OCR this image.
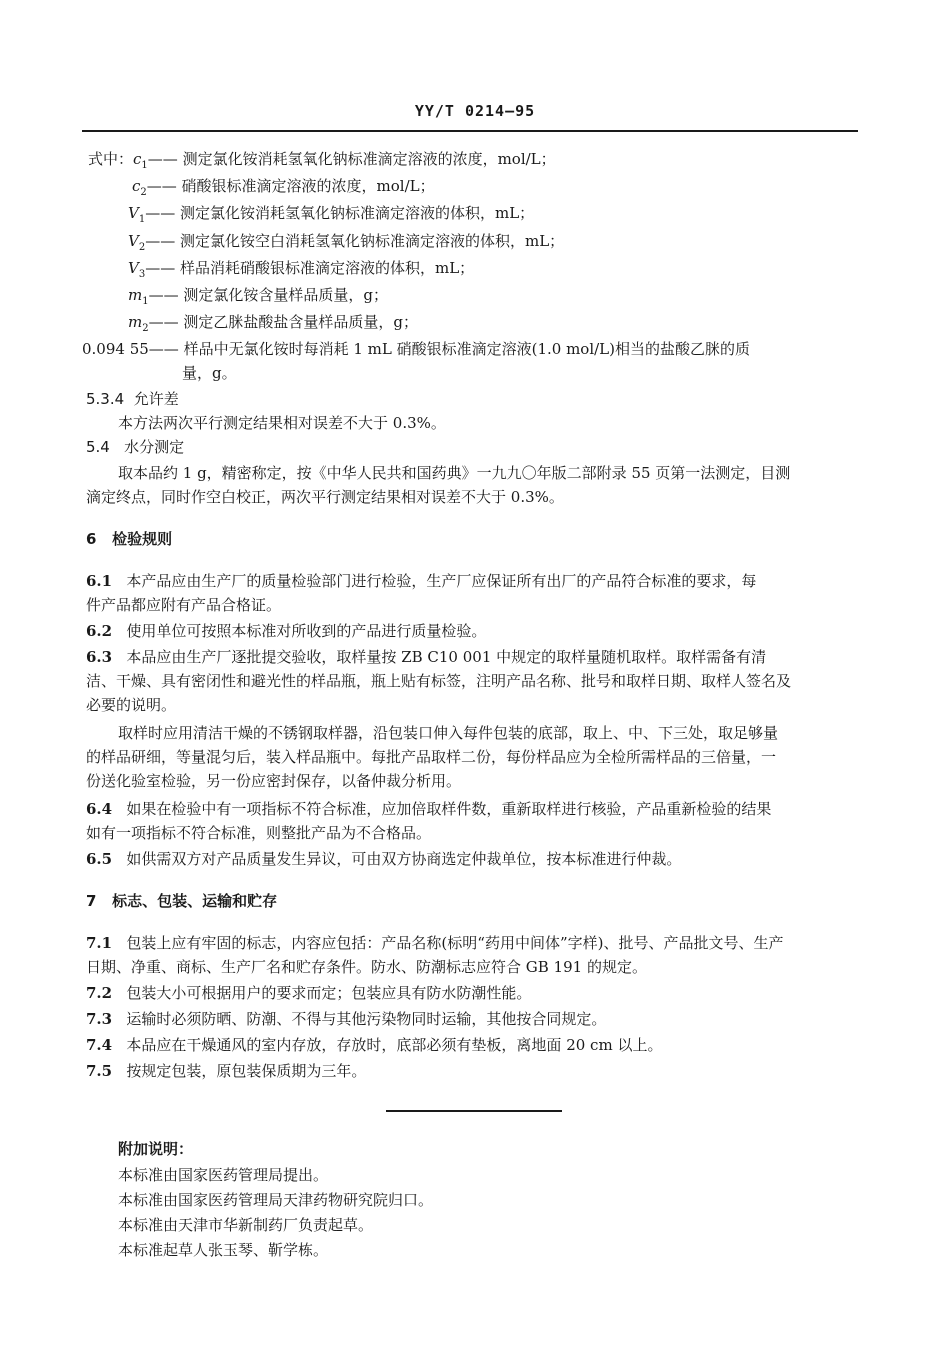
YY/T 0214—95
式中：$c_1——$ 测定氯化铵消耗氢氧化钠标准滴定溶液的浓度，mol/L；
$c_2——$ 硝酸银标准滴定溶液的浓度，mol/L；
$V_1——$ 测定氯化铵消耗氢氧化钠标准滴定溶液的体积，mL；
$V_2——$ 测定氯化铵空白消耗氢氧化钠标准滴定溶液的体积，mL；
$V_3——$ 样品消耗硝酸银标准滴定溶液的体积，mL；
$m_1——$ 测定氯化铵含量样品质量，g；
$m_2——$ 测定乙脒盐酸盐含量样品质量，g；
0.094 55—— 样品中无氯化铵时每消耗 1 mL 硝酸银标准滴定溶液(1.0 mol/L)相当的盐酸乙脒的质
量，g。
5.3.4 允许差
本方法两次平行测定结果相对误差不大于 0.3%。
5.4 水分测定
取本品约 1 g，精密称定，按《中华人民共和国药典》一九九〇年版二部附录 55 页第一法测定，目测
滴定终点，同时作空白校正，两次平行测定结果相对误差不大于 0.3%。
6 检验规则
6.1 本产品应由生产厂的质量检验部门进行检验，生产厂应保证所有出厂的产品符合标准的要求，每
件产品都应附有产品合格证。
6.2 使用单位可按照本标准对所收到的产品进行质量检验。
6.3 本品应由生产厂逐批提交验收，取样量按 ZB C10 001 中规定的取样量随机取样。取样需备有清
洁、干燥、具有密闭性和避光性的样品瓶，瓶上贴有标签，注明产品名称、批号和取样日期、取样人签名及
必要的说明。
取样时应用清洁干燥的不锈钢取样器，沿包装口伸入每件包装的底部，取上、中、下三处，取足够量
的样品研细，等量混匀后，装入样品瓶中。每批产品取样二份，每份样品应为全检所需样品的三倍量，一
份送化验室检验，另一份应密封保存，以备仲裁分析用。
6.4 如果在检验中有一项指标不符合标准，应加倍取样件数，重新取样进行核验，产品重新检验的结果
如有一项指标不符合标准，则整批产品为不合格品。
6.5 如供需双方对产品质量发生异议，可由双方协商选定仲裁单位，按本标准进行仲裁。
7 标志、包装、运输和贮存
7.1 包装上应有牢固的标志，内容应包括：产品名称(标明“药用中间体”字样)、批号、产品批文号、生产
日期、净重、商标、生产厂名和贮存条件。防水、防潮标志应符合 GB 191 的规定。
7.2 包装大小可根据用户的要求而定；包装应具有防水防潮性能。
7.3 运输时必须防晒、防潮、不得与其他污染物同时运输，其他按合同规定。
7.4 本品应在干燥通风的室内存放，存放时，底部必须有垫板，离地面 20 cm 以上。
7.5 按规定包装，原包装保质期为三年。
附加说明：
本标准由国家医药管理局提出。
本标准由国家医药管理局天津药物研究院归口。
本标准由天津市华新制药厂负责起草。
本标准起草人张玉琴、靳学栋。
